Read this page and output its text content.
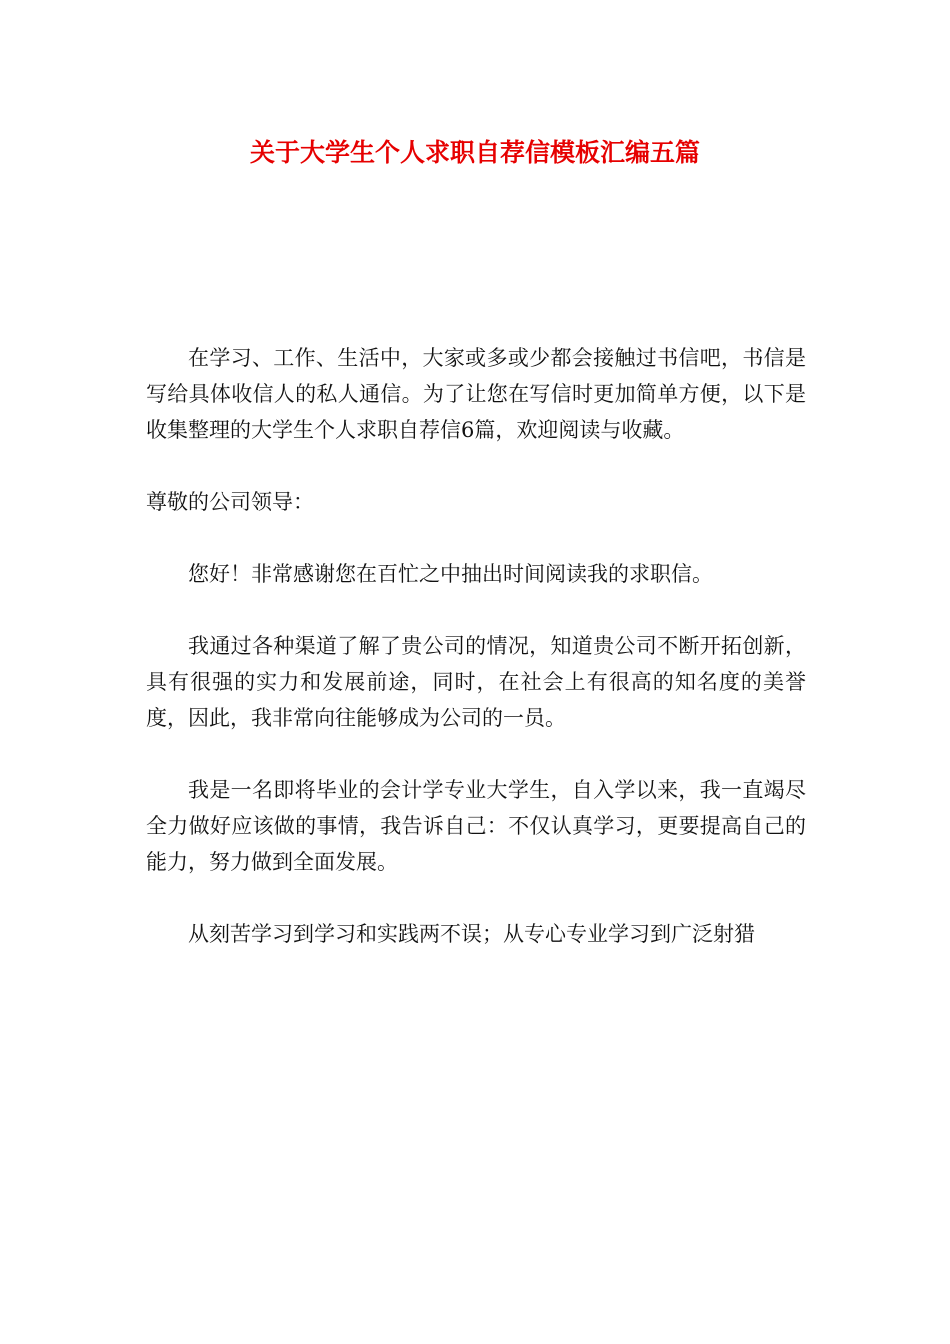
关于大学生个人求职自荐信模板汇编五篇

在学习、工作、生活中，大家或多或少都会接触过书信吧，书信是写给具体收信人的私人通信。为了让您在写信时更加简单方便，以下是收集整理的大学生个人求职自荐信6篇，欢迎阅读与收藏。

尊敬的公司领导：

您好！非常感谢您在百忙之中抽出时间阅读我的求职信。

我通过各种渠道了解了贵公司的情况，知道贵公司不断开拓创新，具有很强的实力和发展前途，同时，在社会上有很高的知名度的美誉度，因此，我非常向往能够成为公司的一员。

我是一名即将毕业的会计学专业大学生，自入学以来，我一直竭尽全力做好应该做的事情，我告诉自己：不仅认真学习，更要提高自己的能力，努力做到全面发展。

从刻苦学习到学习和实践两不误；从专心专业学习到广泛射猎
